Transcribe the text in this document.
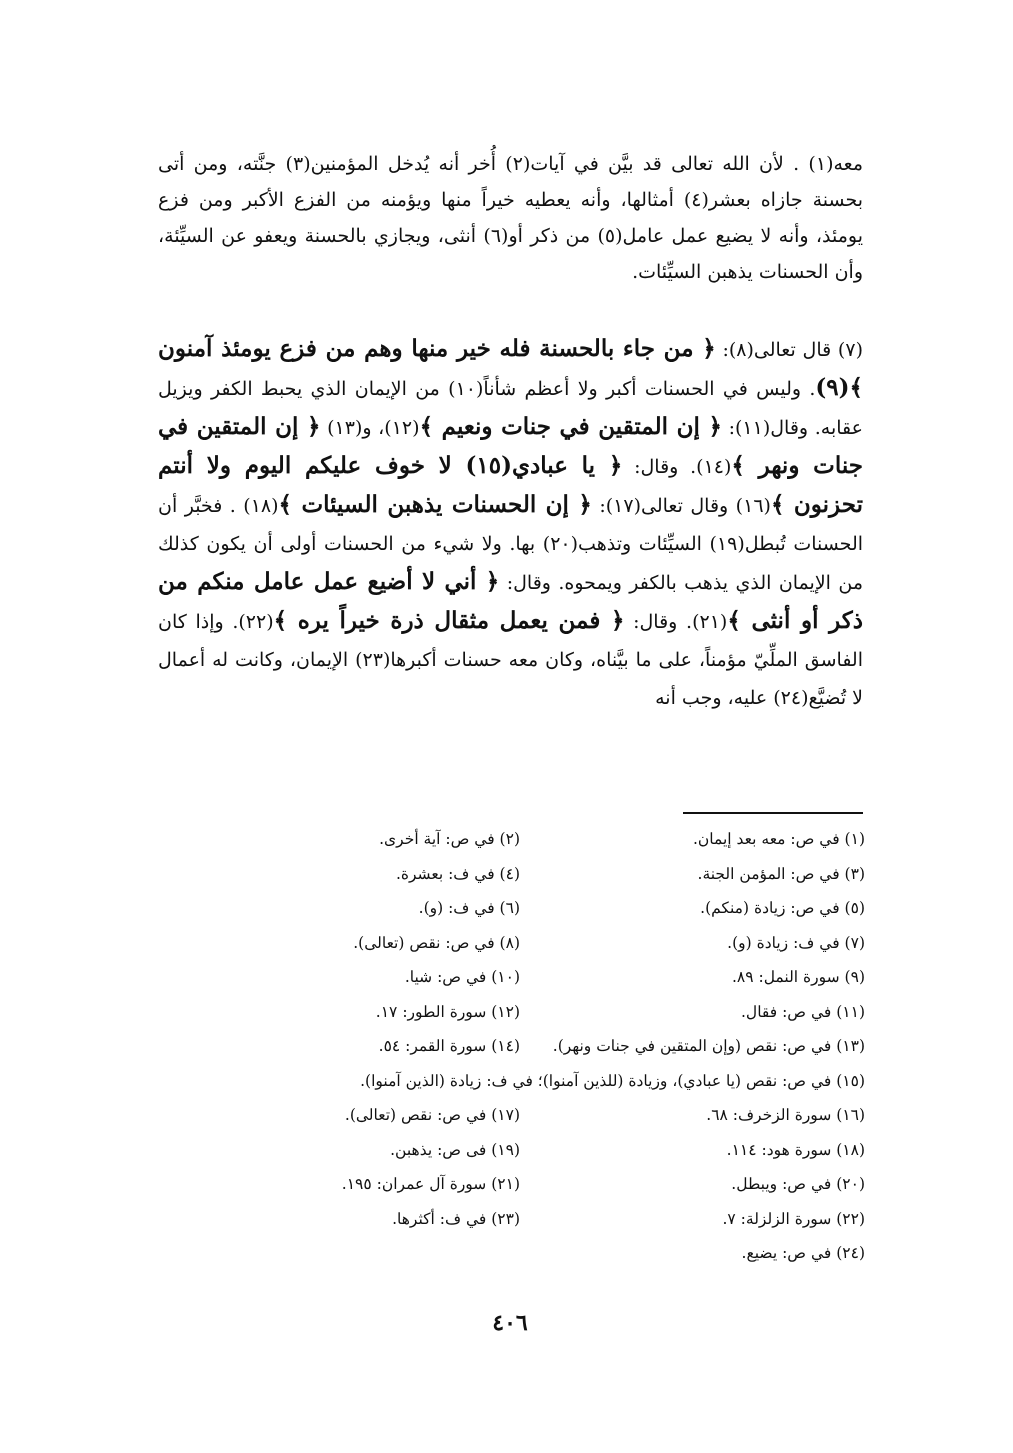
معه(١) . لأن الله تعالى قد بيَّن في آيات(٢) أُخر أنه يُدخل المؤمنين(٣) جنَّته، ومن أتى بحسنة جازاه بعشر(٤) أمثالها، وأنه يعطيه خيراً منها ويؤمنه من الفزع الأكبر ومن فزع يومئذ، وأنه لا يضيع عمل عامل(٥) من ذكر أو(٦) أنثى، ويجازي بالحسنة ويعفو عن السيِّئة، وأن الحسنات يذهبن السيِّئات.

(٧) قال تعالى(٨): ﴿ من جاء بالحسنة فله خير منها وهم من فزع يومئذ آمنون ﴾(٩). وليس في الحسنات أكبر ولا أعظم شأناً(١٠) من الإيمان الذي يحبط الكفر ويزيل عقابه. وقال(١١): ﴿ إن المتقين في جنات ونعيم ﴾(١٢)، و(١٣) ﴿ إن المتقين في جنات ونهر ﴾(١٤). وقال: ﴿ يا عبادي(١٥) لا خوف عليكم اليوم ولا أنتم تحزنون ﴾(١٦) وقال تعالى(١٧): ﴿ إن الحسنات يذهبن السيئات ﴾(١٨) . فخبَّر أن الحسنات تُبطل(١٩) السيِّئات وتذهب(٢٠) بها. ولا شيء من الحسنات أولى أن يكون كذلك من الإيمان الذي يذهب بالكفر ويمحوه. وقال: ﴿ أني لا أضيع عمل عامل منكم من ذكر أو أنثى ﴾(٢١). وقال: ﴿ فمن يعمل مثقال ذرة خيراً يره ﴾(٢٢). وإذا كان الفاسق الملِّيّ مؤمناً، على ما بيَّناه، وكان معه حسنات أكبرها(٢٣) الإيمان، وكانت له أعمال لا تُضيَّع(٢٤) عليه، وجب أنه

(١) في ص: معه بعد إيمان.
(٢) في ص: آية أخرى.
(٣) في ص: المؤمن الجنة.
(٤) في ف: بعشرة.
(٥) في ص: زيادة (منكم).
(٦) في ف: (و).
(٧) في ف: زيادة (و).
(٨) في ص: نقص (تعالى).
(٩) سورة النمل: ٨٩.
(١٠) في ص: شيا.
(١١) في ص: فقال.
(١٢) سورة الطور: ١٧.
(١٣) في ص: نقص (وإن المتقين في جنات ونهر).
(١٤) سورة القمر: ٥٤.
(١٥) في ص: نقص (يا عبادي)، وزيادة (للذين آمنوا)؛ في ف: زيادة (الذين آمنوا).
(١٦) سورة الزخرف: ٦٨.
(١٧) في ص: نقص (تعالى).
(١٨) سورة هود: ١١٤.
(١٩) فى ص: يذهبن.
(٢٠) في ص: ويبطل.
(٢١) سورة آل عمران: ١٩٥.
(٢٢) سورة الزلزلة: ٧.
(٢٣) في ف: أكثرها.
(٢٤) في ص: يضيع.
٤٠٦
